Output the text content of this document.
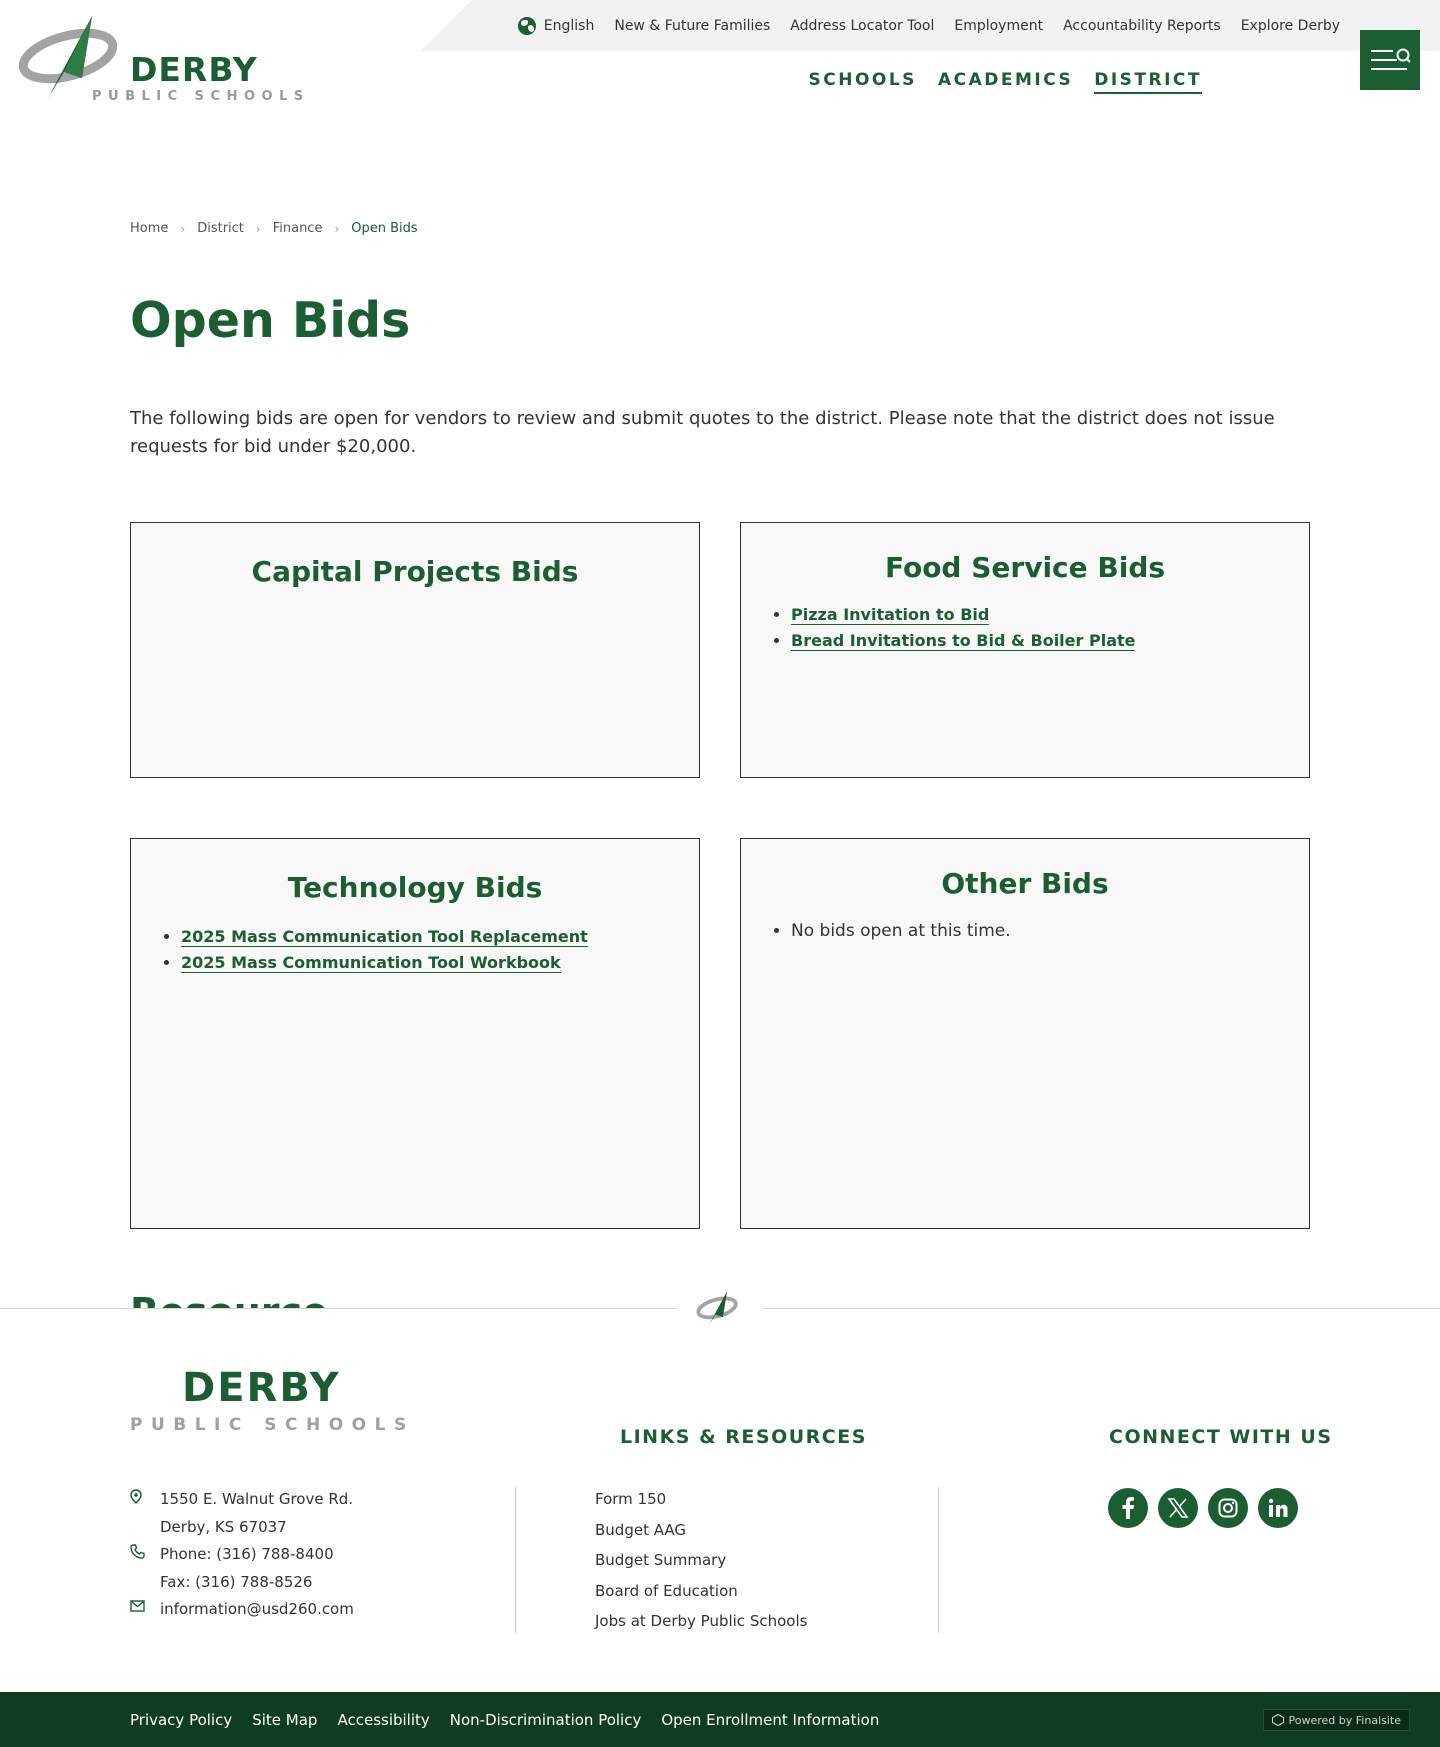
English New & Future Families Address Locator Tool Employment Accountability Reports Explore Derby
DERBY
PUBLIC SCHOOLS
SCHOOLS ACADEMICS DISTRICT
Home › District › Finance › Open Bids
Open Bids

The following bids are open for vendors to review and submit quotes to the district. Please note that the district does not issue requests for bid under $20,000.

Capital Projects Bids	Food Service Bids
• Pizza Invitation to Bid
• Bread Invitations to Bid & Boiler Plate
Technology Bids
• 2025 Mass Communication Tool Replacement
• 2025 Mass Communication Tool Workbook
Other Bids
• No bids open at this time.
DERBY
PUBLIC SCHOOLS
1550 E. Walnut Grove Rd.
Derby, KS 67037
Phone: (316) 788-8400
Fax: (316) 788-8526
information@usd260.com
LINKS & RESOURCES
Form 150
Budget AAG
Budget Summary
Board of Education
Jobs at Derby Public Schools
CONNECT WITH US
Privacy Policy Site Map Accessibility Non-Discrimination Policy Open Enrollment Information	Powered by Finalsite
